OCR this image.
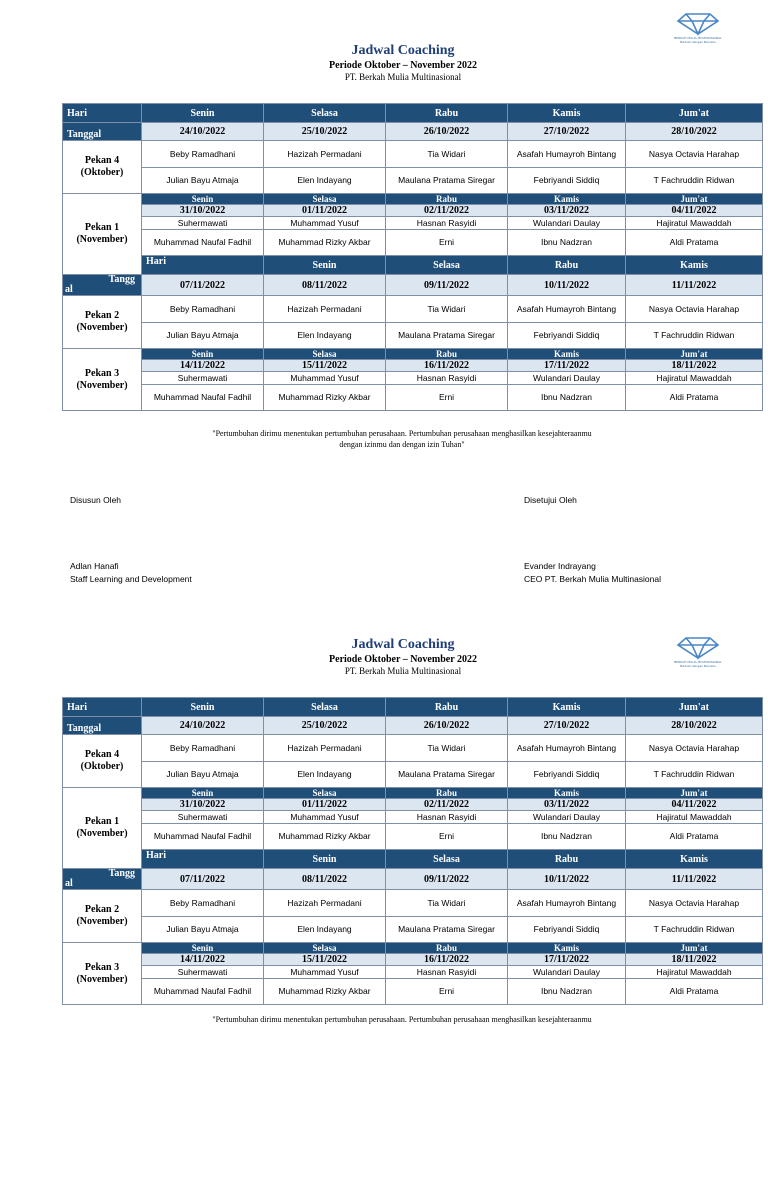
BERKAH MULIA MULTINASIONAL
Berkah dengan Bersatu
Jadwal Coaching
Periode Oktober – November 2022
PT. Berkah Mulia Multinasional
Hari	Senin	Selasa	Rabu	Kamis	Jum'at	
Tanggal	24/10/2022	25/10/2022	26/10/2022	27/10/2022	28/10/2022	
Pekan 4
(Oktober)	Beby Ramadhani	Hazizah Permadani	Tia Widari	Asafah Humayroh Bintang	Nasya Octavia Harahap	
	Julian Bayu Atmaja	Elen Indayang	Maulana Pratama Siregar	Febriyandi Siddiq	T Fachruddin Ridwan	
Pekan 1
(November)	Senin	Selasa	Rabu	Kamis	Jum'at	
	31/10/2022	01/11/2022	02/11/2022	03/11/2022	04/11/2022	
	Suhermawati	Muhammad Yusuf	Hasnan Rasyidi	Wulandari Daulay	Hajiratul Mawaddah	
	Muhammad Naufal Fadhil	Muhammad Rizky Akbar	Erni	Ibnu Nadzran	Aldi Pratama	
	Hari	Senin	Selasa	Rabu	Kamis	
Tangg

al	07/11/2022	08/11/2022	09/11/2022	10/11/2022	11/11/2022	
Pekan 2
(November)	Beby Ramadhani	Hazizah Permadani	Tia Widari	Asafah Humayroh Bintang	Nasya Octavia Harahap	
	Julian Bayu Atmaja	Elen Indayang	Maulana Pratama Siregar	Febriyandi Siddiq	T Fachruddin Ridwan	
Pekan 3
(November)	Senin	Selasa	Rabu	Kamis	Jum'at	
	14/11/2022	15/11/2022	16/11/2022	17/11/2022	18/11/2022	
	Suhermawati	Muhammad Yusuf	Hasnan Rasyidi	Wulandari Daulay	Hajiratul Mawaddah	
	Muhammad Naufal Fadhil	Muhammad Rizky Akbar	Erni	Ibnu Nadzran	Aldi Pratama	
"Pertumbuhan dirimu menentukan pertumbuhan perusahaan. Pertumbuhan perusahaan menghasilkan kesejahteraanmu
dengan izinmu dan dengan izin Tuhan"
Disusun Oleh	Disetujui Oleh
Adlan Hanafi
Staff Learning and Development
Evander Indrayang
CEO PT. Berkah Mulia Multinasional
BERKAH MULIA MULTINASIONAL
Berkah dengan Bersatu
Jadwal Coaching
Periode Oktober – November 2022
PT. Berkah Mulia Multinasional
Hari	Senin	Selasa	Rabu	Kamis	Jum'at	
Tanggal	24/10/2022	25/10/2022	26/10/2022	27/10/2022	28/10/2022	
Pekan 4
(Oktober)	Beby Ramadhani	Hazizah Permadani	Tia Widari	Asafah Humayroh Bintang	Nasya Octavia Harahap	
	Julian Bayu Atmaja	Elen Indayang	Maulana Pratama Siregar	Febriyandi Siddiq	T Fachruddin Ridwan	
Pekan 1
(November)	Senin	Selasa	Rabu	Kamis	Jum'at	
	31/10/2022	01/11/2022	02/11/2022	03/11/2022	04/11/2022	
	Suhermawati	Muhammad Yusuf	Hasnan Rasyidi	Wulandari Daulay	Hajiratul Mawaddah	
	Muhammad Naufal Fadhil	Muhammad Rizky Akbar	Erni	Ibnu Nadzran	Aldi Pratama	
	Hari	Senin	Selasa	Rabu	Kamis	
Tangg

al	07/11/2022	08/11/2022	09/11/2022	10/11/2022	11/11/2022	
Pekan 2
(November)	Beby Ramadhani	Hazizah Permadani	Tia Widari	Asafah Humayroh Bintang	Nasya Octavia Harahap	
	Julian Bayu Atmaja	Elen Indayang	Maulana Pratama Siregar	Febriyandi Siddiq	T Fachruddin Ridwan	
Pekan 3
(November)	Senin	Selasa	Rabu	Kamis	Jum'at	
	14/11/2022	15/11/2022	16/11/2022	17/11/2022	18/11/2022	
	Suhermawati	Muhammad Yusuf	Hasnan Rasyidi	Wulandari Daulay	Hajiratul Mawaddah	
	Muhammad Naufal Fadhil	Muhammad Rizky Akbar	Erni	Ibnu Nadzran	Aldi Pratama	
"Pertumbuhan dirimu menentukan pertumbuhan perusahaan. Pertumbuhan perusahaan menghasilkan kesejahteraanmu
